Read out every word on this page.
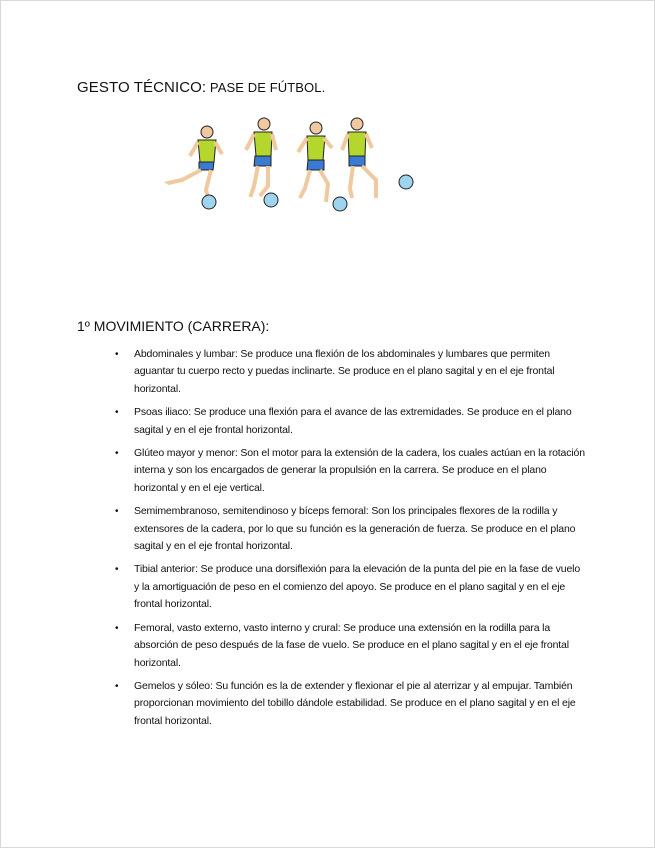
GESTO TÉCNICO: PASE DE FÚTBOL.
1º MOVIMIENTO (CARRERA):
• Abdominales y lumbar: Se produce una flexión de los abdominales y lumbares que permiten aguantar tu cuerpo recto y puedas inclinarte. Se produce en el plano sagital y en el eje frontal horizontal.
• Psoas iliaco: Se produce una flexión para el avance de las extremidades. Se produce en el plano sagital y en el eje frontal horizontal.
• Glúteo mayor y menor: Son el motor para la extensión de la cadera, los cuales actúan en la rotación interna y son los encargados de generar la propulsión en la carrera. Se produce en el plano horizontal y en el eje vertical.
• Semimembranoso, semitendinoso y bíceps femoral: Son los principales flexores de la rodilla y extensores de la cadera, por lo que su función es la generación de fuerza. Se produce en el plano sagital y en el eje frontal horizontal.
• Tibial anterior: Se produce una dorsiflexión para la elevación de la punta del pie en la fase de vuelo y la amortiguación de peso en el comienzo del apoyo. Se produce en el plano sagital y en el eje frontal horizontal.
• Femoral, vasto externo, vasto interno y crural: Se produce una extensión en la rodilla para la absorción de peso después de la fase de vuelo. Se produce en el plano sagital y en el eje frontal horizontal.
• Gemelos y sóleo: Su función es la de extender y flexionar el pie al aterrizar y al empujar. También proporcionan movimiento del tobillo dándole estabilidad. Se produce en el plano sagital y en el eje frontal horizontal.
